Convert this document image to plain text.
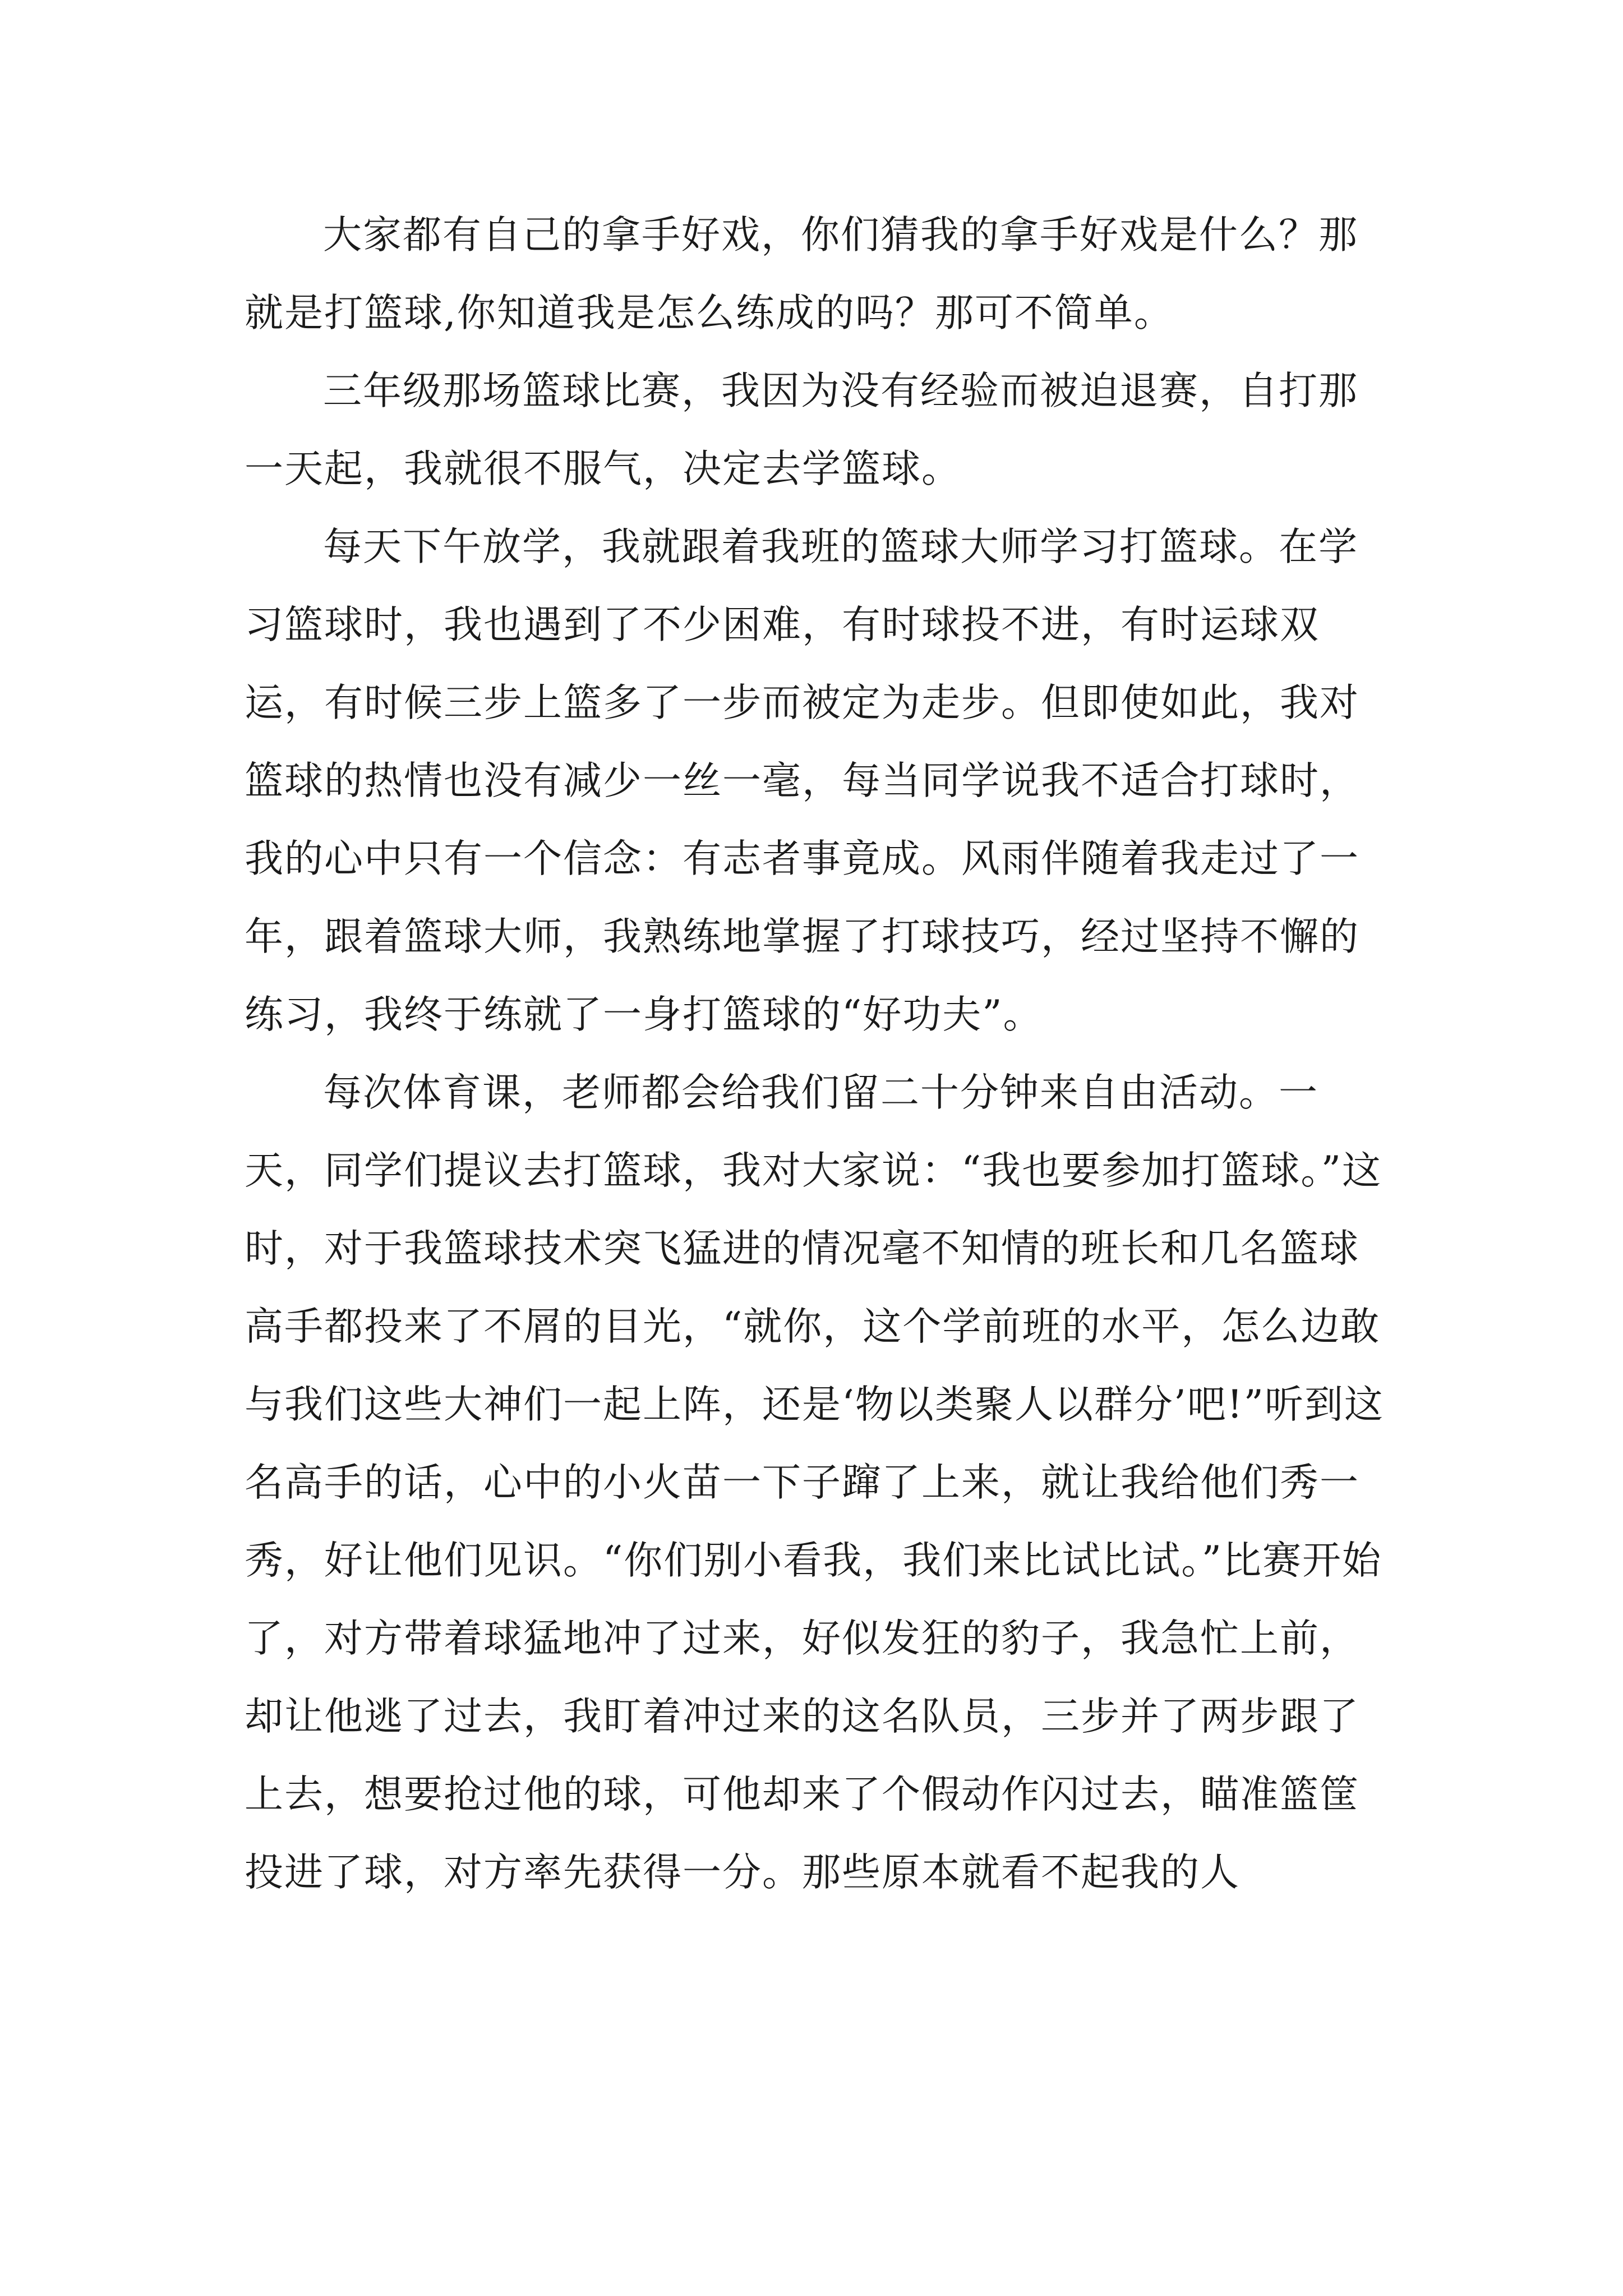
大家都有自己的拿手好戏，你们猜我的拿手好戏是什么？那就是打篮球,你知道我是怎么练成的吗？那可不简单。

三年级那场篮球比赛，我因为没有经验而被迫退赛，自打那一天起，我就很不服气，决定去学篮球。

每天下午放学，我就跟着我班的篮球大师学习打篮球。在学习篮球时，我也遇到了不少困难，有时球投不进，有时运球双运，有时候三步上篮多了一步而被定为走步。但即使如此，我对篮球的热情也没有减少一丝一毫，每当同学说我不适合打球时，我的心中只有一个信念：有志者事竟成。风雨伴随着我走过了一年，跟着篮球大师，我熟练地掌握了打球技巧，经过坚持不懈的练习，我终于练就了一身打篮球的“好功夫”。

每次体育课，老师都会给我们留二十分钟来自由活动。一天，同学们提议去打篮球，我对大家说：“我也要参加打篮球。”这时，对于我篮球技术突飞猛进的情况毫不知情的班长和几名篮球高手都投来了不屑的目光，“就你，这个学前班的水平，怎么边敢与我们这些大神们一起上阵，还是‘物以类聚人以群分’吧!”听到这名高手的话，心中的小火苗一下子蹿了上来，就让我给他们秀一秀，好让他们见识。“你们别小看我，我们来比试比试。”比赛开始了，对方带着球猛地冲了过来，好似发狂的豹子，我急忙上前，却让他逃了过去，我盯着冲过来的这名队员，三步并了两步跟了上去，想要抢过他的球，可他却来了个假动作闪过去，瞄准篮筐投进了球，对方率先获得一分。那些原本就看不起我的人
